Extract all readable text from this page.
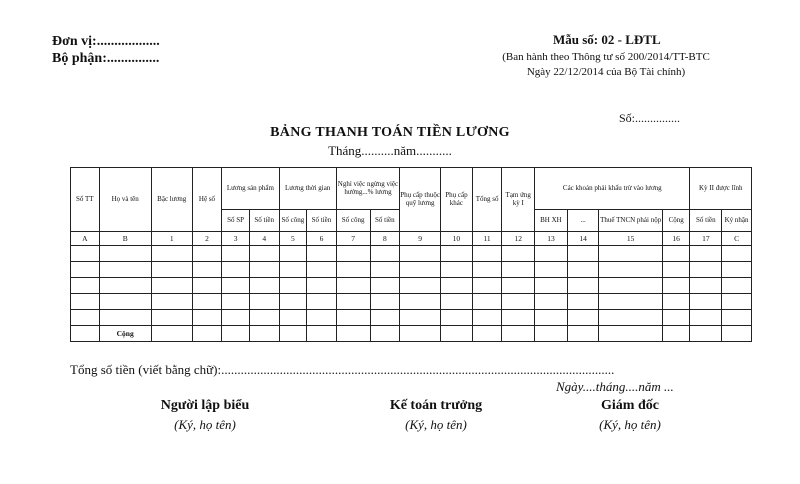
Đơn vị:..................
Bộ phận:...............
Mẫu số: 02 - LĐTL
(Ban hành theo Thông tư số 200/2014/TT-BTC
Ngày 22/12/2014 của Bộ Tài chính)
Số:...............
BẢNG THANH TOÁN TIỀN LƯƠNG
Tháng..........năm...........
Số TT	Họ và tên	Bậc lương	Hệ số	Lương sản phẩm		Lương thời gian		Nghỉ việc ngừng việc hưởng...% lương		Phụ cấp thuộc quỹ lương	Phụ cấp khác	Tổng số	Tạm ứng kỳ I	Các khoản phải khấu trừ vào lương				Kỳ II được lĩnh	
				Số SP	Số tiền	Số công	Số tiền	Số công	Số tiền					BH XH	...	Thuế TNCN phải nộp	Cộng	Số tiền	Ký nhận
A	B	1	2	3	4	5	6	7	8	9	10	11	12	13	14	15	16	17	C

	Cộng																		
Tổng số tiền (viết bằng chữ):.........................................................................................................................
Ngày....tháng....năm ...
Người lập biểu
(Ký, họ tên)
Kế toán trưởng
(Ký, họ tên)
Giám đốc
(Ký, họ tên)
